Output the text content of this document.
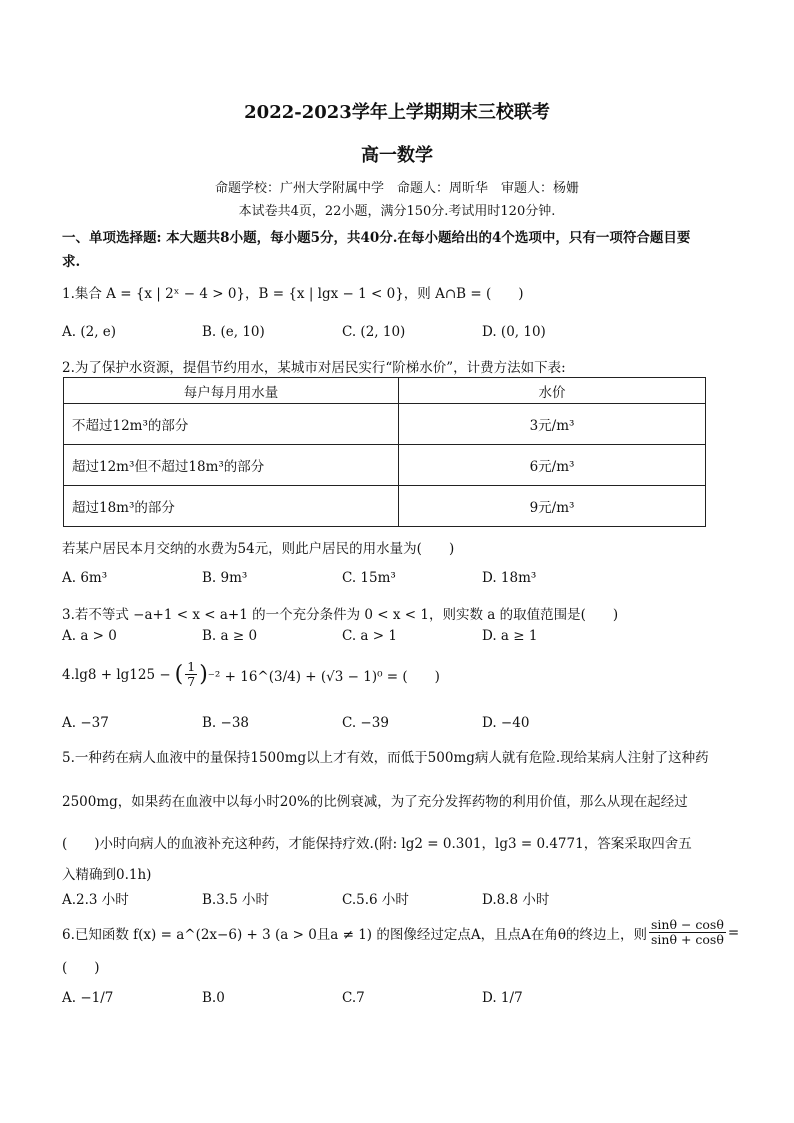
2022-2023学年上学期期末三校联考
高一数学
命题学校：广州大学附属中学　命题人：周昕华　审题人：杨姗
本试卷共4页，22小题，满分150分.考试用时120分钟.
一、单项选择题: 本大题共8小题，每小题5分，共40分.在每小题给出的4个选项中，只有一项符合题目要
求.
1.集合 A = {x | 2ˣ − 4 > 0}，B = {x | lgx − 1 < 0}，则 A∩B = (　　)
A. (2, e)	B. (e, 10)	C. (2, 10)	D. (0, 10)
2.为了保护水资源，提倡节约用水，某城市对居民实行“阶梯水价”，计费方法如下表:
每户每月用水量	水价
不超过12m³的部分	3元/m³
超过12m³但不超过18m³的部分	6元/m³
超过18m³的部分	9元/m³
若某户居民本月交纳的水费为54元，则此户居民的用水量为(　　)
A. 6m³	B. 9m³	C. 15m³	D. 18m³
3.若不等式 −a+1 < x < a+1 的一个充分条件为 0 < x < 1，则实数 a 的取值范围是(　　)
A. a > 0	B. a ≥ 0	C. a > 1	D. a ≥ 1
4.lg8 + lg125 − ( $\frac{1}{7}$ ) ⁻² + 16^(3/4) + (√3 − 1)⁰ = (　　)
A. −37	B. −38	C. −39	D. −40
5.一种药在病人血液中的量保持1500mg以上才有效，而低于500mg病人就有危险.现给某病人注射了这种药
2500mg，如果药在血液中以每小时20%的比例衰减，为了充分发挥药物的利用价值，那么从现在起经过
(　　)小时向病人的血液补充这种药，才能保持疗效.(附: lg2 = 0.301，lg3 = 0.4771，答案采取四舍五
入精确到0.1h)
A.2.3 小时	B.3.5 小时	C.5.6 小时	D.8.8 小时
6.已知函数 f(x) = a^(2x−6) + 3 (a > 0且a ≠ 1) 的图像经过定点A，且点A在角θ的终边上，则 $\frac{\sin\theta - \cos\theta}{\sin\theta + \cos\theta}$ =
(　　)
A. −1/7	B.0	C.7	D. 1/7
